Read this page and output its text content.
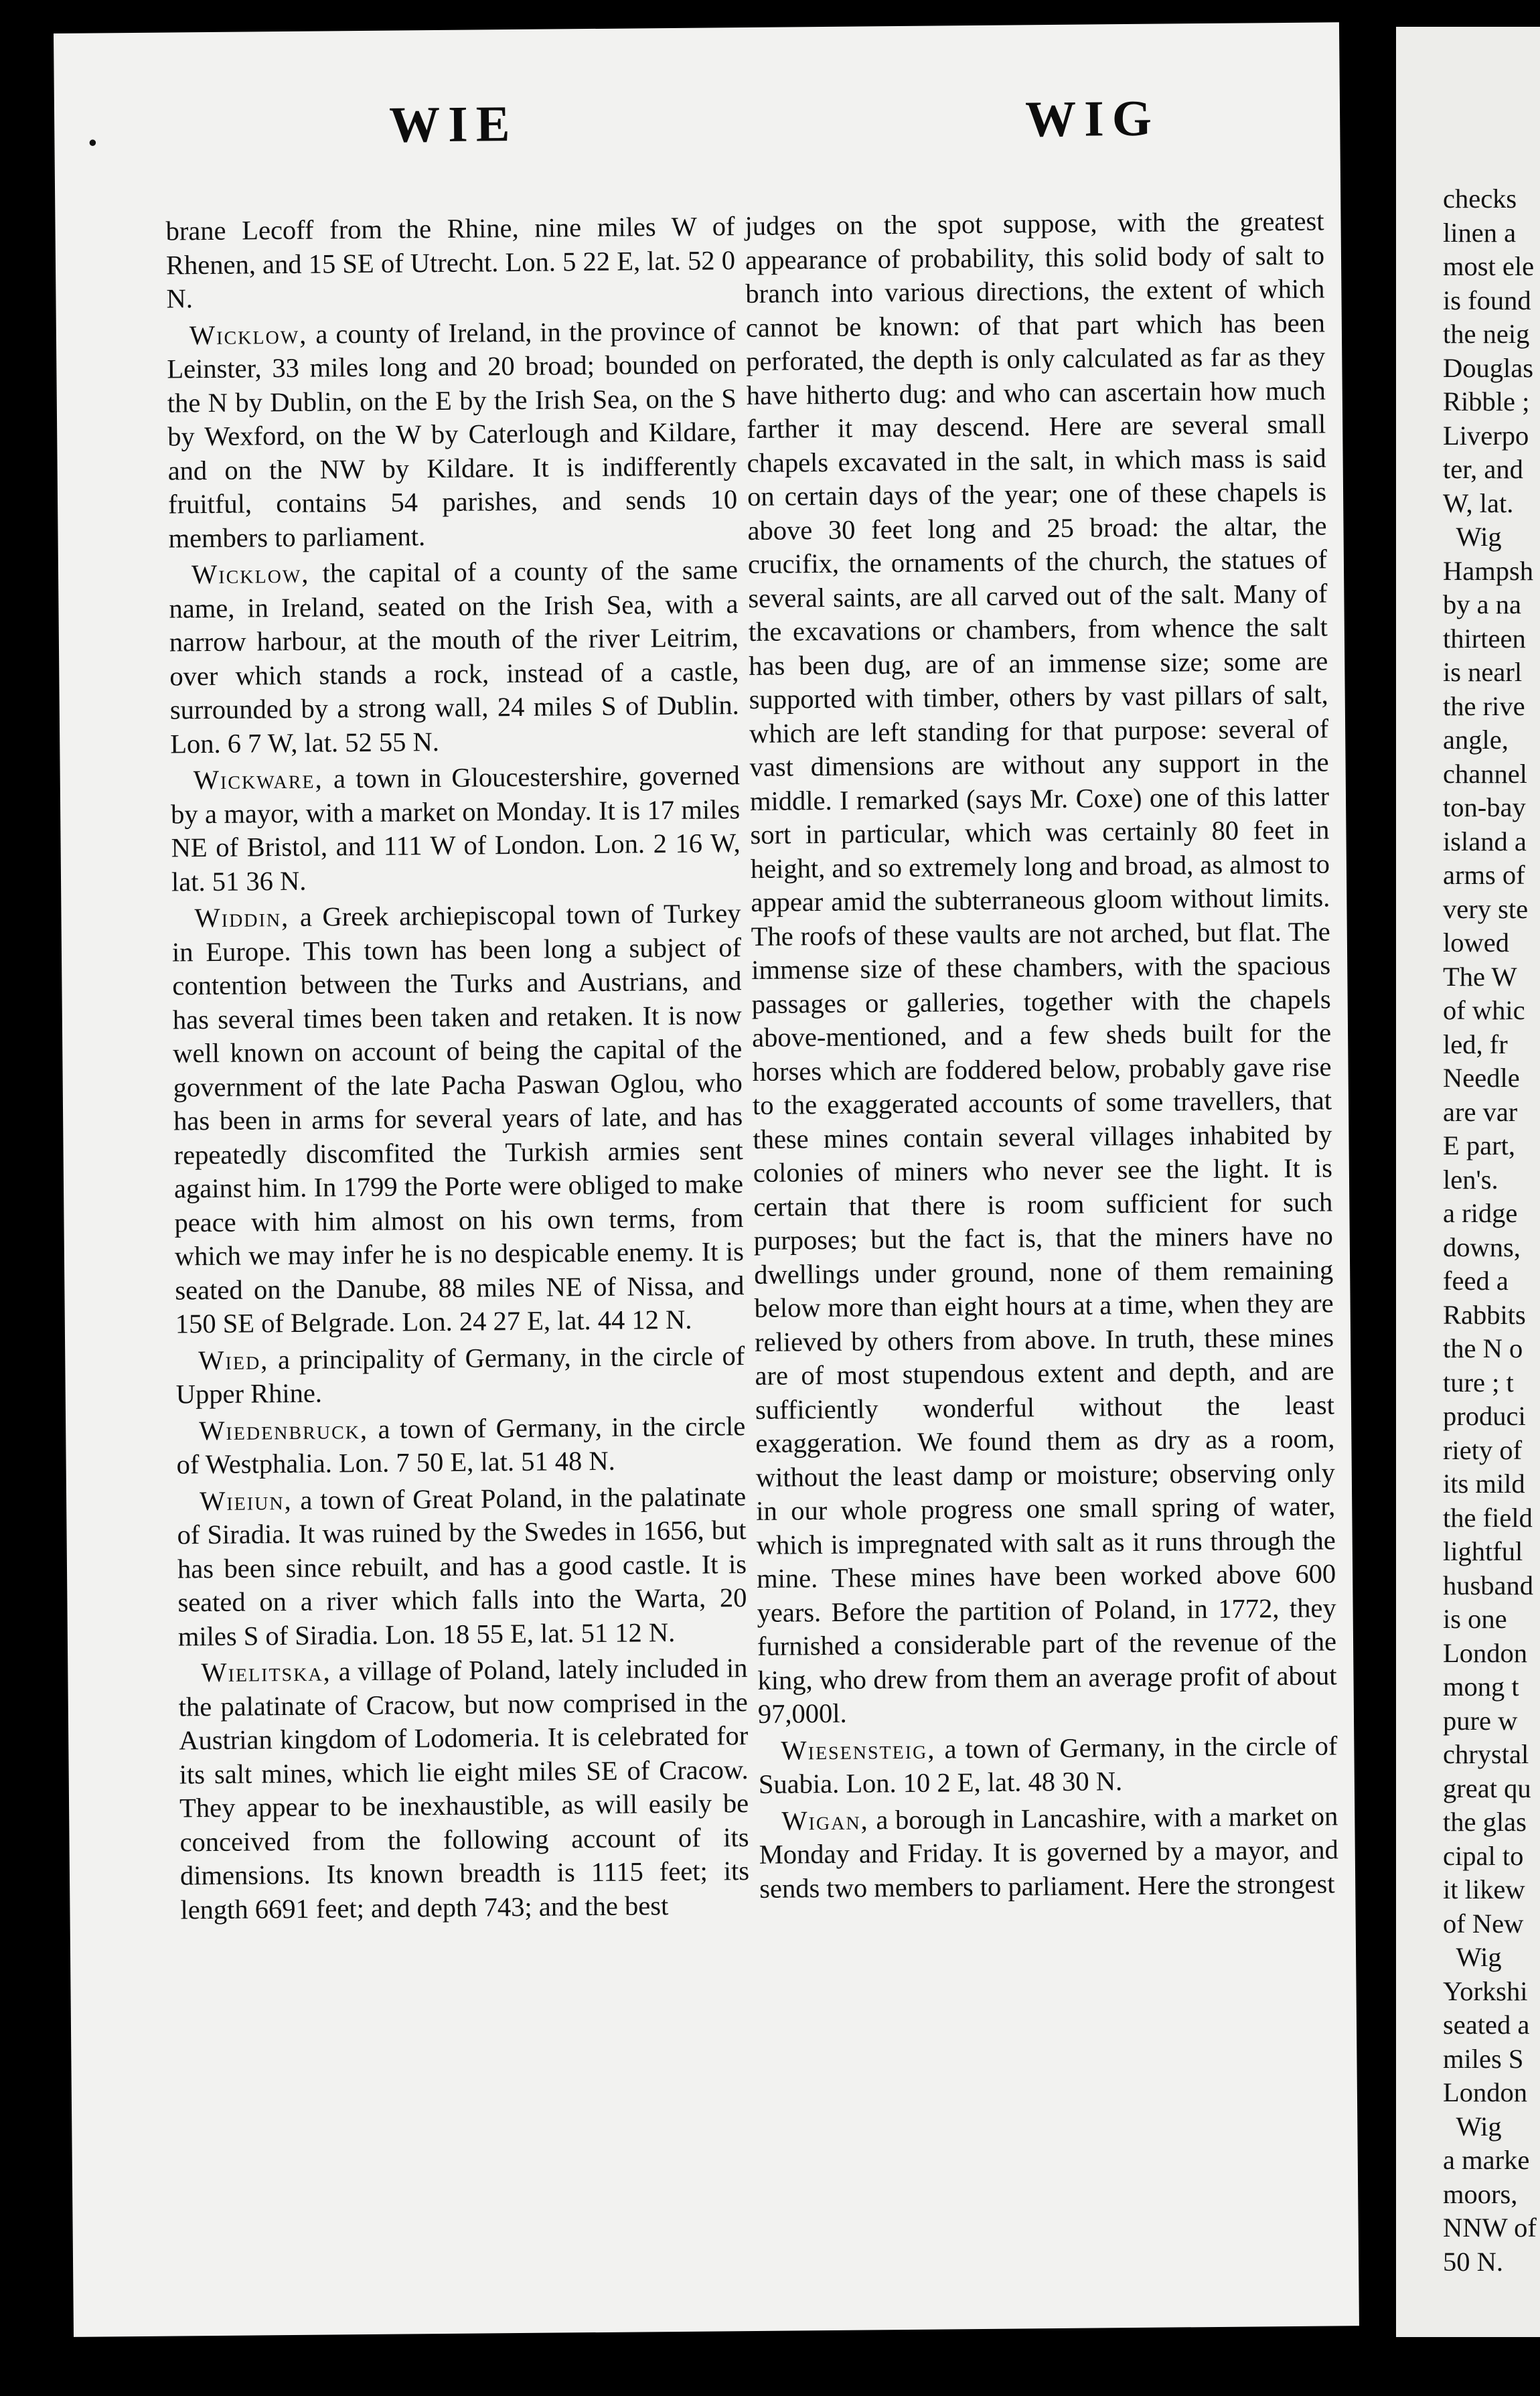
•	WIE	WIG

brane Lecoff from the Rhine, nine miles W of Rhenen, and 15 SE of Utrecht. Lon. 5 22 E, lat. 52 0 N.

Wicklow, a county of Ireland, in the province of Leinster, 33 miles long and 20 broad; bounded on the N by Dublin, on the E by the Irish Sea, on the S by Wexford, on the W by Caterlough and Kildare, and on the NW by Kildare. It is indifferently fruitful, contains 54 parishes, and sends 10 members to parliament.

Wicklow, the capital of a county of the same name, in Ireland, seated on the Irish Sea, with a narrow harbour, at the mouth of the river Leitrim, over which stands a rock, instead of a castle, surrounded by a strong wall, 24 miles S of Dublin. Lon. 6 7 W, lat. 52 55 N.

Wickware, a town in Gloucestershire, governed by a mayor, with a market on Monday. It is 17 miles NE of Bristol, and 111 W of London. Lon. 2 16 W, lat. 51 36 N.

Widdin, a Greek archiepiscopal town of Turkey in Europe. This town has been long a subject of contention between the Turks and Austrians, and has several times been taken and retaken. It is now well known on account of being the capital of the government of the late Pacha Paswan Oglou, who has been in arms for several years of late, and has repeatedly discomfited the Turkish armies sent against him. In 1799 the Porte were obliged to make peace with him almost on his own terms, from which we may infer he is no despicable enemy. It is seated on the Danube, 88 miles NE of Nissa, and 150 SE of Belgrade. Lon. 24 27 E, lat. 44 12 N.

Wied, a principality of Germany, in the circle of Upper Rhine.

Wiedenbruck, a town of Germany, in the circle of Westphalia. Lon. 7 50 E, lat. 51 48 N.

Wieiun, a town of Great Poland, in the palatinate of Siradia. It was ruined by the Swedes in 1656, but has been since rebuilt, and has a good castle. It is seated on a river which falls into the Warta, 20 miles S of Siradia. Lon. 18 55 E, lat. 51 12 N.

Wielitska, a village of Poland, lately included in the palatinate of Cracow, but now comprised in the Austrian kingdom of Lodomeria. It is celebrated for its salt mines, which lie eight miles SE of Cracow. They appear to be inexhaustible, as will easily be conceived from the following account of its dimensions. Its known breadth is 1115 feet; its length 6691 feet; and depth 743; and the best

judges on the spot suppose, with the greatest appearance of probability, this solid body of salt to branch into various directions, the extent of which cannot be known: of that part which has been perforated, the depth is only calculated as far as they have hitherto dug: and who can ascertain how much farther it may descend. Here are several small chapels excavated in the salt, in which mass is said on certain days of the year; one of these chapels is above 30 feet long and 25 broad: the altar, the crucifix, the ornaments of the church, the statues of several saints, are all carved out of the salt. Many of the excavations or chambers, from whence the salt has been dug, are of an immense size; some are supported with timber, others by vast pillars of salt, which are left standing for that purpose: several of vast dimensions are without any support in the middle. I remarked (says Mr. Coxe) one of this latter sort in particular, which was certainly 80 feet in height, and so extremely long and broad, as almost to appear amid the subterraneous gloom without limits. The roofs of these vaults are not arched, but flat. The immense size of these chambers, with the spacious passages or galleries, together with the chapels above-mentioned, and a few sheds built for the horses which are foddered below, probably gave rise to the exaggerated accounts of some travellers, that these mines contain several villages inhabited by colonies of miners who never see the light. It is certain that there is room sufficient for such purposes; but the fact is, that the miners have no dwellings under ground, none of them remaining below more than eight hours at a time, when they are relieved by others from above. In truth, these mines are of most stupendous extent and depth, and are sufficiently wonderful without the least exaggeration. We found them as dry as a room, without the least damp or moisture; observing only in our whole progress one small spring of water, which is impregnated with salt as it runs through the mine. These mines have been worked above 600 years. Before the partition of Poland, in 1772, they furnished a considerable part of the revenue of the king, who drew from them an average profit of about 97,000l.

Wiesensteig, a town of Germany, in the circle of Suabia. Lon. 10 2 E, lat. 48 30 N.

Wigan, a borough in Lancashire, with a market on Monday and Friday. It is governed by a mayor, and sends two members to parliament. Here the strongest

checks
linen a
most ele
is found
the neig
Douglas
Ribble ;
Liverpo
ter, and
W, lat.
Wig
Hampsh
by a na
thirteen
is nearl
the rive
angle,
channel
ton-bay
island a
arms of
very ste
lowed
The W
of whic
led, fr
Needle
are var
E part,
len's.
a ridge
downs,
feed a
Rabbits
the N o
ture ; t
produci
riety of
its mild
the field
lightful
husband
is one
London
mong t
pure w
chrystal
great qu
the glas
cipal to
it likew
of New
Wig
Yorkshi
seated a
miles S
London
Wig
a marke
moors,
NNW of
50 N.
